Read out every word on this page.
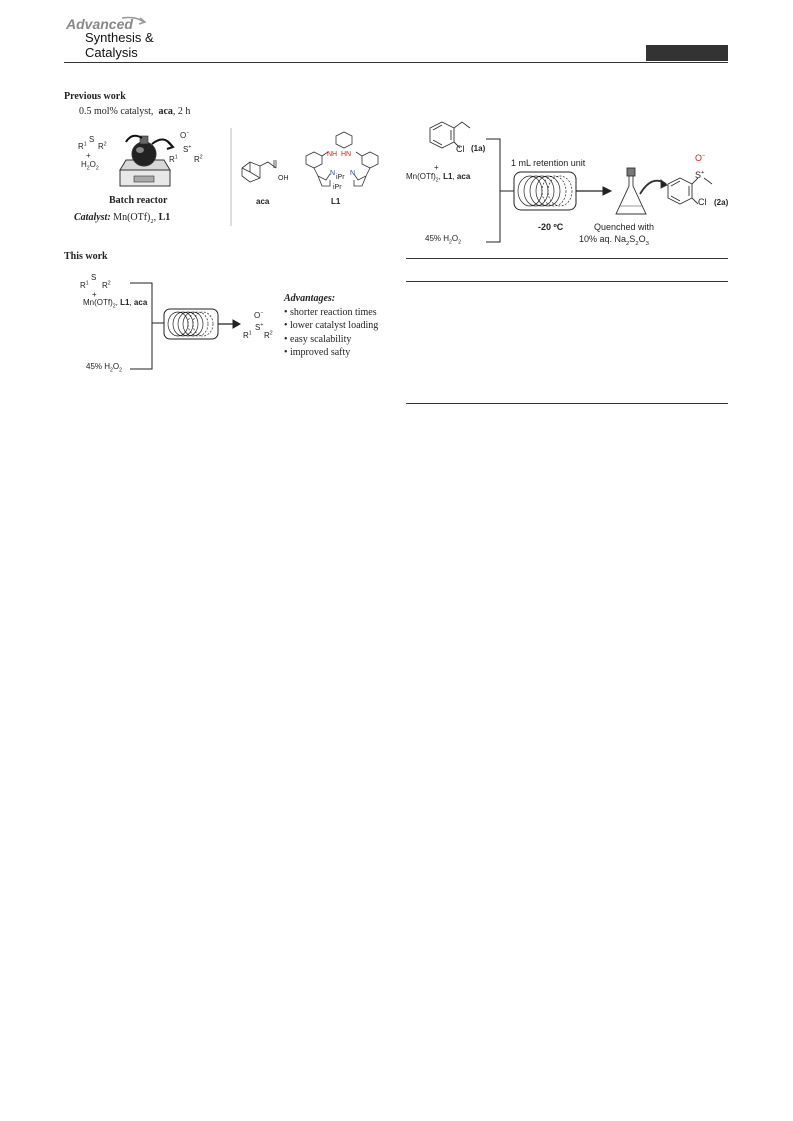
Advanced
Synthesis &
Catalysis
Previous work
0.5 mol% catalyst, aca, 2 h
$R^1$
S
$R^2$
+
$H_2O_2$
O−
S+
$R^1$ $R^2$
Batch reactor
Catalyst: $Mn(OTf)_2$, L1
OH
aca
NH HN
N N
iPr
iPr
L1
This work
S
$R^1$ $R^2$
+
$Mn(OTf)_2$, L1, aca
45% $H_2O_2$
O−
S+
$R^1$ $R^2$
Advantages:
• shorter reaction times
• lower catalyst loading
• easy scalability
• improved safty
Cl (1a)
+
$Mn(OTf)_2$, L1, aca
45% $H_2O_2$
1 mL retention unit
-20 ºC	Quenched with
10% aq. $Na_2S_2O_3$
O−
S+
Cl (2a)
